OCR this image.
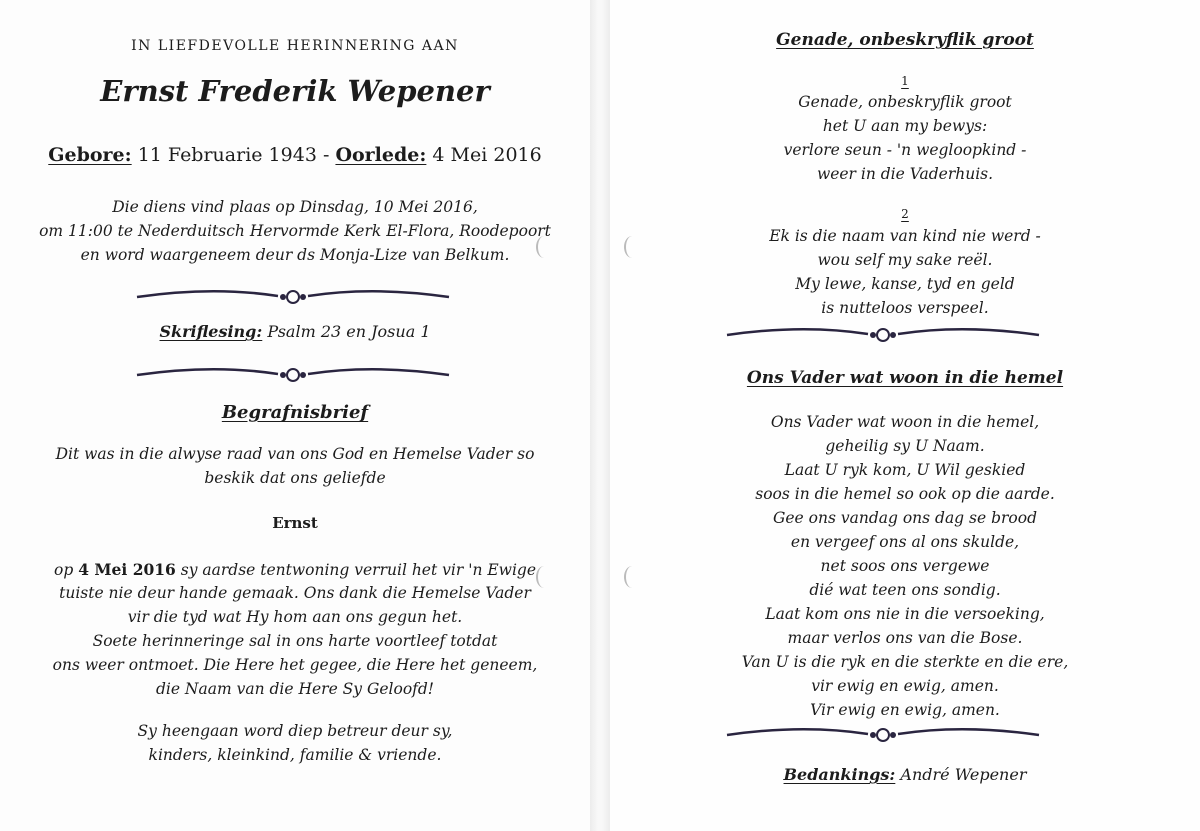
IN LIEFDEVOLLE HERINNERING AAN
Ernst Frederik Wepener
Gebore: 11 Februarie 1943 - Oorlede: 4 Mei 2016
Die diens vind plaas op Dinsdag, 10 Mei 2016,
om 11:00 te Nederduitsch Hervormde Kerk El-Flora, Roodepoort
en word waargeneem deur ds Monja-Lize van Belkum.
Skriflesing: Psalm 23 en Josua 1
Begrafnisbrief
Dit was in die alwyse raad van ons God en Hemelse Vader so
beskik dat ons geliefde
Ernst
op 4 Mei 2016 sy aardse tentwoning verruil het vir 'n Ewige
tuiste nie deur hande gemaak. Ons dank die Hemelse Vader
vir die tyd wat Hy hom aan ons gegun het.
Soete herinneringe sal in ons harte voortleef totdat
ons weer ontmoet. Die Here het gegee, die Here het geneem,
die Naam van die Here Sy Geloofd!
Sy heengaan word diep betreur deur sy,
kinders, kleinkind, familie & vriende.
Genade, onbeskryflik groot
1
Genade, onbeskryflik groot
het U aan my bewys:
verlore seun - 'n wegloopkind -
weer in die Vaderhuis.
2
Ek is die naam van kind nie werd -
wou self my sake reël.
My lewe, kanse, tyd en geld
is nutteloos verspeel.
Ons Vader wat woon in die hemel
Ons Vader wat woon in die hemel,
geheilig sy U Naam.
Laat U ryk kom, U Wil geskied
soos in die hemel so ook op die aarde.
Gee ons vandag ons dag se brood
en vergeef ons al ons skulde,
net soos ons vergewe
dié wat teen ons sondig.
Laat kom ons nie in die versoeking,
maar verlos ons van die Bose.
Van U is die ryk en die sterkte en die ere,
vir ewig en ewig, amen.
Vir ewig en ewig, amen.
Bedankings: André Wepener
